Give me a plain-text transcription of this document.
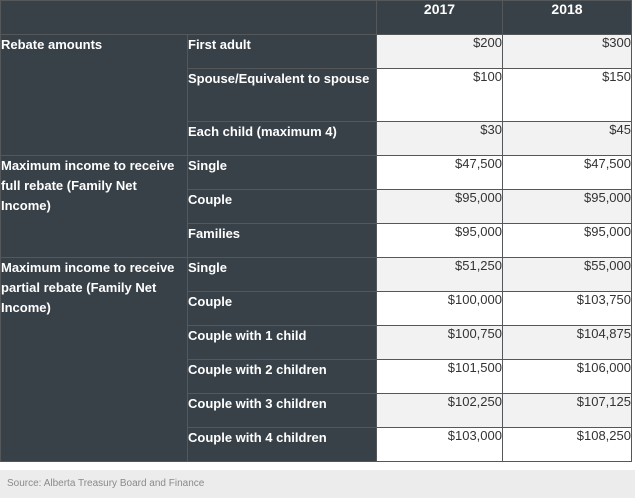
		2017	2018
Rebate amounts	First adult	$200	$300
	Spouse/Equivalent to spouse	$100	$150
	Each child (maximum 4)	$30	$45
Maximum income to receive full rebate (Family Net Income)	Single	$47,500	$47,500
	Couple	$95,000	$95,000
	Families	$95,000	$95,000
Maximum income to receive partial rebate (Family Net Income)	Single	$51,250	$55,000
	Couple	$100,000	$103,750
	Couple with 1 child	$100,750	$104,875
	Couple with 2 children	$101,500	$106,000
	Couple with 3 children	$102,250	$107,125
	Couple with 4 children	$103,000	$108,250
Source: Alberta Treasury Board and Finance
